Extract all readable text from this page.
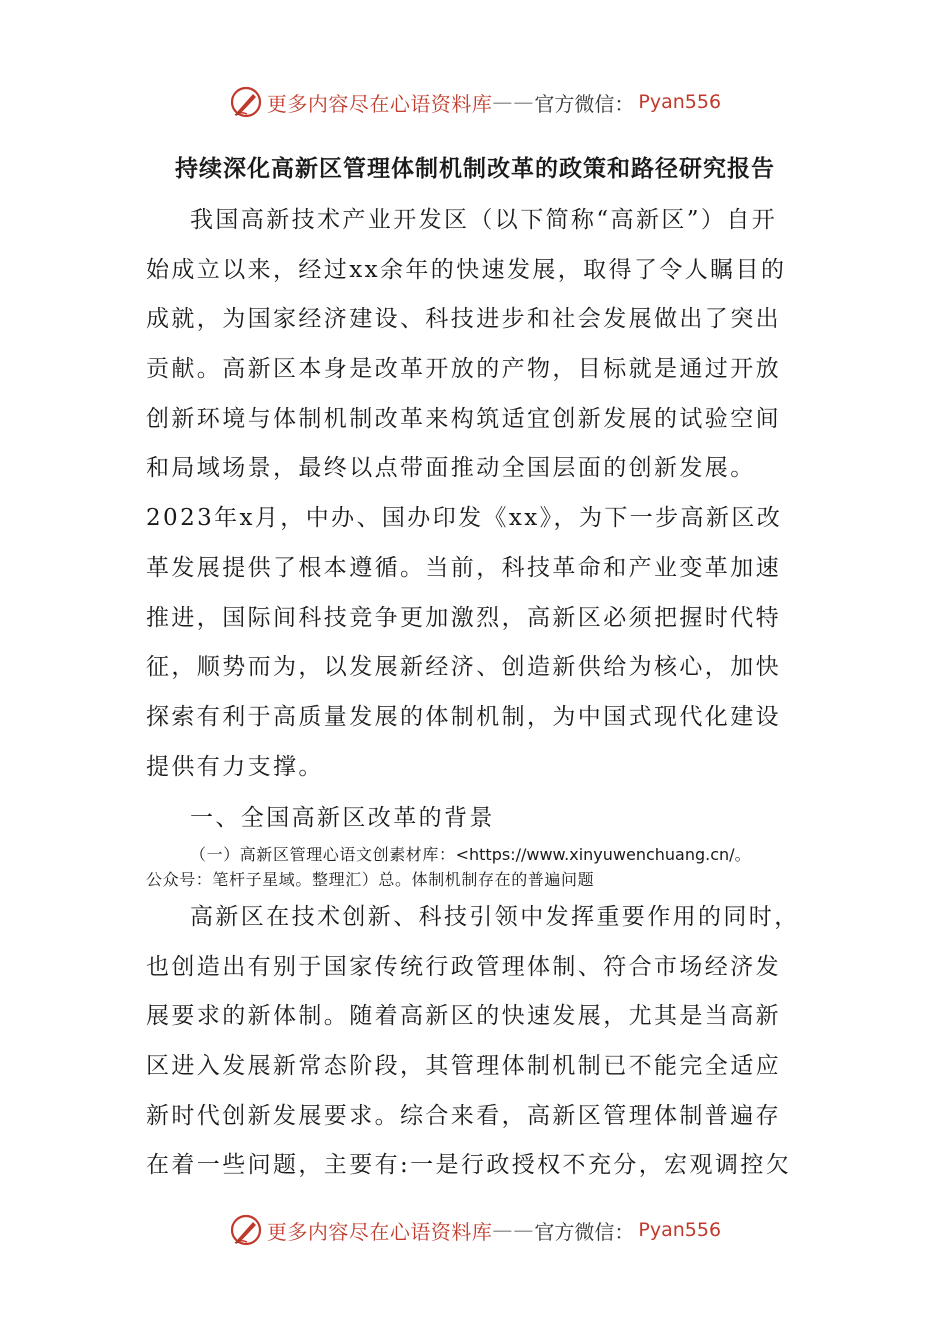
更多内容尽在心语资料库 —— 官方微信 ： Pyan556
持续深化高新区管理体制机制改革的政策和路径研究报告
我国高新技术产业开发区（以下简称“高新区”）自开
始成立以来，经过xx余年的快速发展，取得了令人瞩目的
成就，为国家经济建设、科技进步和社会发展做出了突出
贡献。高新区本身是改革开放的产物，目标就是通过开放
创新环境与体制机制改革来构筑适宜创新发展的试验空间
和局域场景，最终以点带面推动全国层面的创新发展。
2023年x月，中办、国办印发《xx》，为下一步高新区改
革发展提供了根本遵循。当前，科技革命和产业变革加速
推进，国际间科技竞争更加激烈，高新区必须把握时代特
征，顺势而为，以发展新经济、创造新供给为核心，加快
探索有利于高质量发展的体制机制，为中国式现代化建设
提供有力支撑。
一、全国高新区改革的背景
（一）高新区管理心语文创素材库：<https://www.xinyuwenchuang.cn/。
公众号：笔杆子星域。整理汇）总。体制机制存在的普遍问题
高新区在技术创新、科技引领中发挥重要作用的同时，
也创造出有别于国家传统行政管理体制、符合市场经济发
展要求的新体制。随着高新区的快速发展，尤其是当高新
区进入发展新常态阶段，其管理体制机制已不能完全适应
新时代创新发展要求。综合来看，高新区管理体制普遍存
在着一些问题，主要有:一是行政授权不充分，宏观调控欠
更多内容尽在心语资料库 —— 官方微信 ： Pyan556
